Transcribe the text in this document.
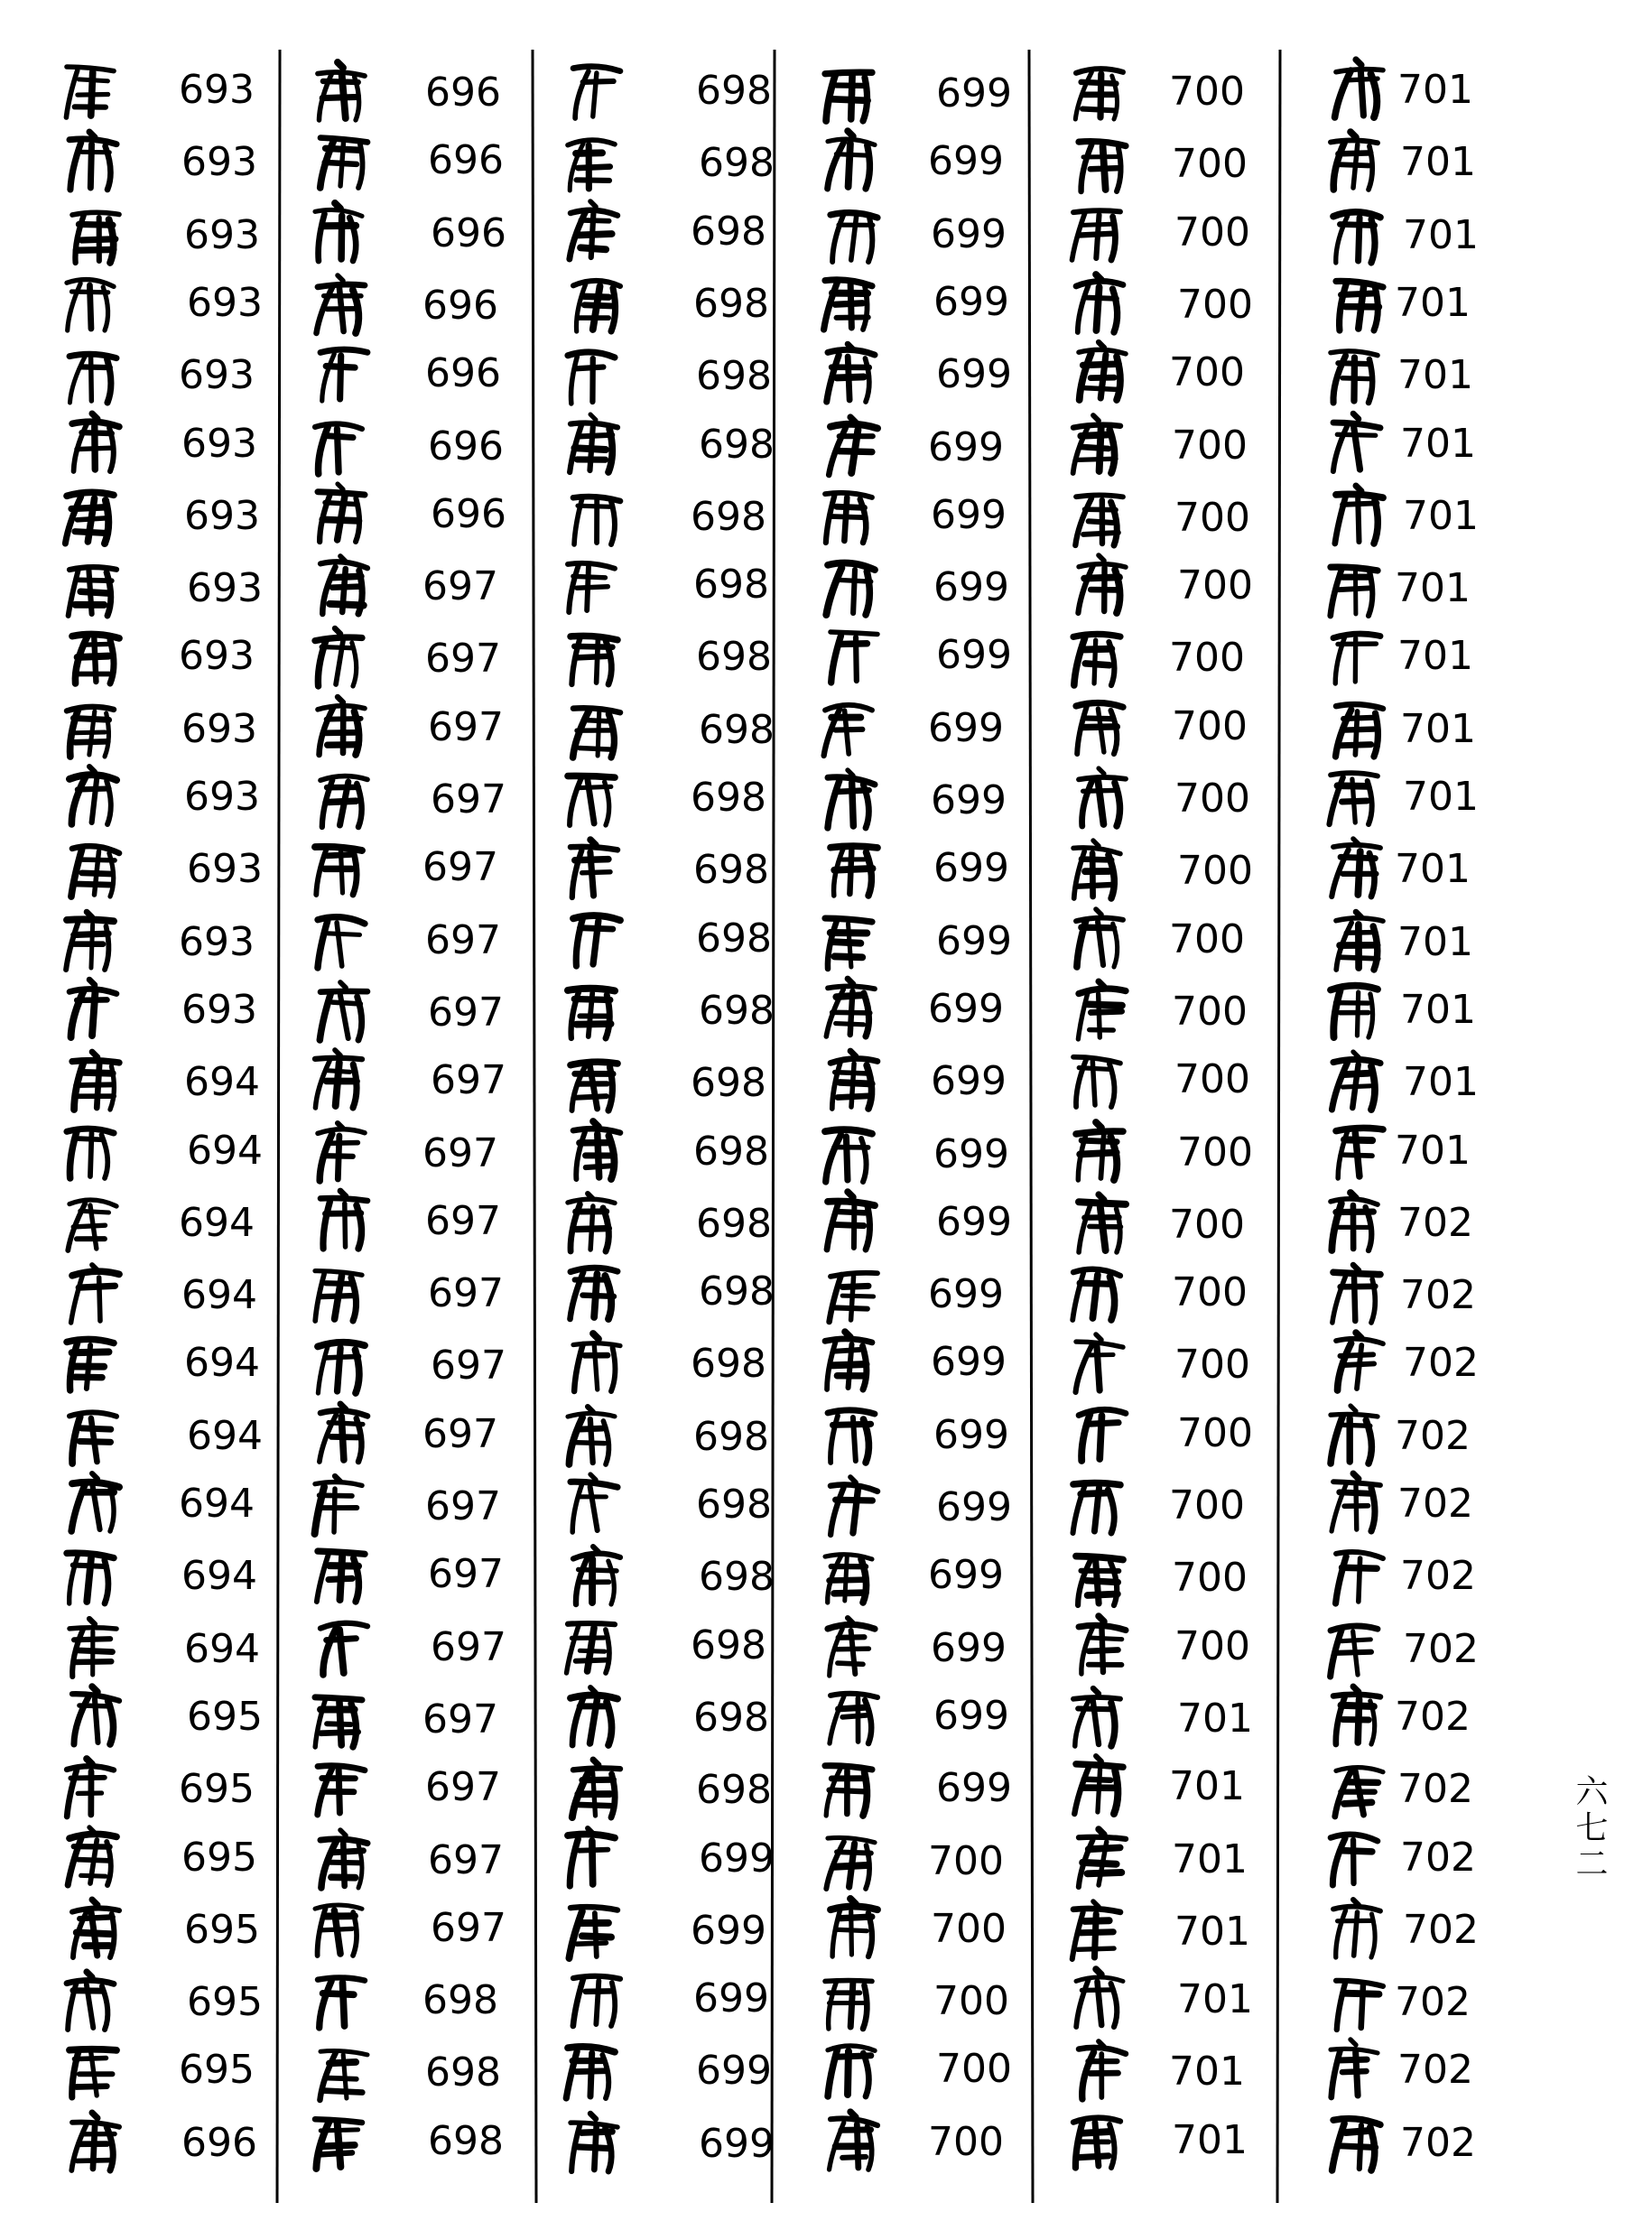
693
693
693
693
693
693
693
693
693
693
693
693
693
693
694
694
694
694
694
694
694
694
694
695
695
695
695
695
695
696
696
696
696
696
696
696
696
697
697
697
697
697
697
697
697
697
697
697
697
697
697
697
697
697
697
697
697
698
698
698
698
698
698
698
698
698
698
698
698
698
698
698
698
698
698
698
698
698
698
698
698
698
698
698
698
699
699
699
699
699
699
699
699
699
699
699
699
699
699
699
699
699
699
699
699
699
699
699
699
699
699
699
699
699
699
700
700
700
700
700
700
700
700
700
700
700
700
700
700
700
700
700
700
700
700
700
700
700
700
700
700
700
700
701
701
701
701
701
701
701
701
701
701
701
701
701
701
701
701
701
701
701
701
701
701
701
702
702
702
702
702
702
702
702
702
702
702
702
702
702
六七二
